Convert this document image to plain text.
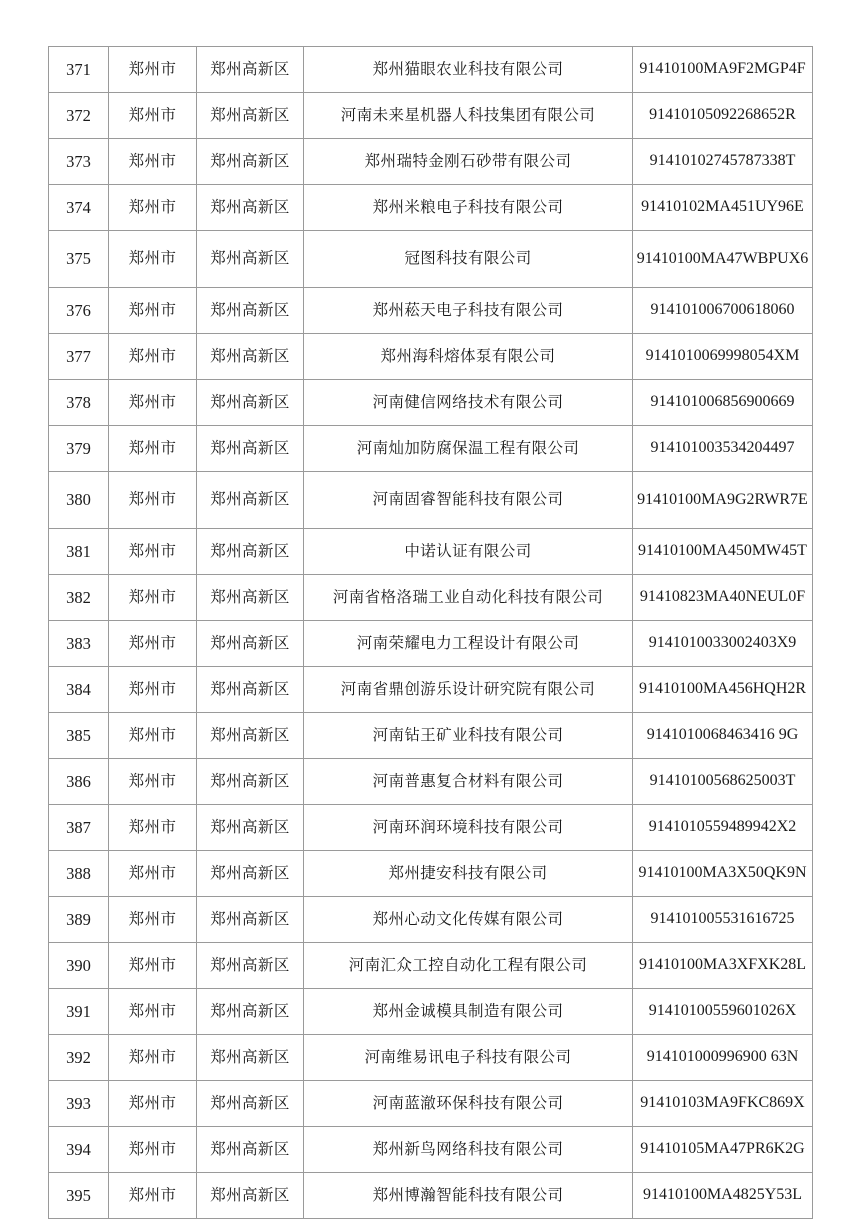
371	郑州市	郑州高新区	郑州猫眼农业科技有限公司	91410100MA9F2MGP4F
372	郑州市	郑州高新区	河南未来星机器人科技集团有限公司	91410105092268652R
373	郑州市	郑州高新区	郑州瑞特金刚石砂带有限公司	91410102745787338T
374	郑州市	郑州高新区	郑州米粮电子科技有限公司	91410102MA451UY96E
375	郑州市	郑州高新区	冠图科技有限公司	91410100MA47WBPUX6
376	郑州市	郑州高新区	郑州菘天电子科技有限公司	914101006700618060
377	郑州市	郑州高新区	郑州海科熔体泵有限公司	9141010069998054XM
378	郑州市	郑州高新区	河南健信网络技术有限公司	914101006856900669
379	郑州市	郑州高新区	河南灿加防腐保温工程有限公司	914101003534204497
380	郑州市	郑州高新区	河南固睿智能科技有限公司	91410100MA9G2RWR7E
381	郑州市	郑州高新区	中诺认证有限公司	91410100MA450MW45T
382	郑州市	郑州高新区	河南省格洛瑞工业自动化科技有限公司	91410823MA40NEUL0F
383	郑州市	郑州高新区	河南荣耀电力工程设计有限公司	9141010033002403X9
384	郑州市	郑州高新区	河南省鼎创游乐设计研究院有限公司	91410100MA456HQH2R
385	郑州市	郑州高新区	河南钻王矿业科技有限公司	9141010068463416 9G
386	郑州市	郑州高新区	河南普惠复合材料有限公司	91410100568625003T
387	郑州市	郑州高新区	河南环润环境科技有限公司	9141010559489942X2
388	郑州市	郑州高新区	郑州捷安科技有限公司	91410100MA3X50QK9N
389	郑州市	郑州高新区	郑州心动文化传媒有限公司	914101005531616725
390	郑州市	郑州高新区	河南汇众工控自动化工程有限公司	91410100MA3XFXK28L
391	郑州市	郑州高新区	郑州金诚模具制造有限公司	91410100559601026X
392	郑州市	郑州高新区	河南维易讯电子科技有限公司	914101000996900 63N
393	郑州市	郑州高新区	河南蓝澈环保科技有限公司	91410103MA9FKC869X
394	郑州市	郑州高新区	郑州新鸟网络科技有限公司	91410105MA47PR6K2G
395	郑州市	郑州高新区	郑州博瀚智能科技有限公司	91410100MA4825Y53L
